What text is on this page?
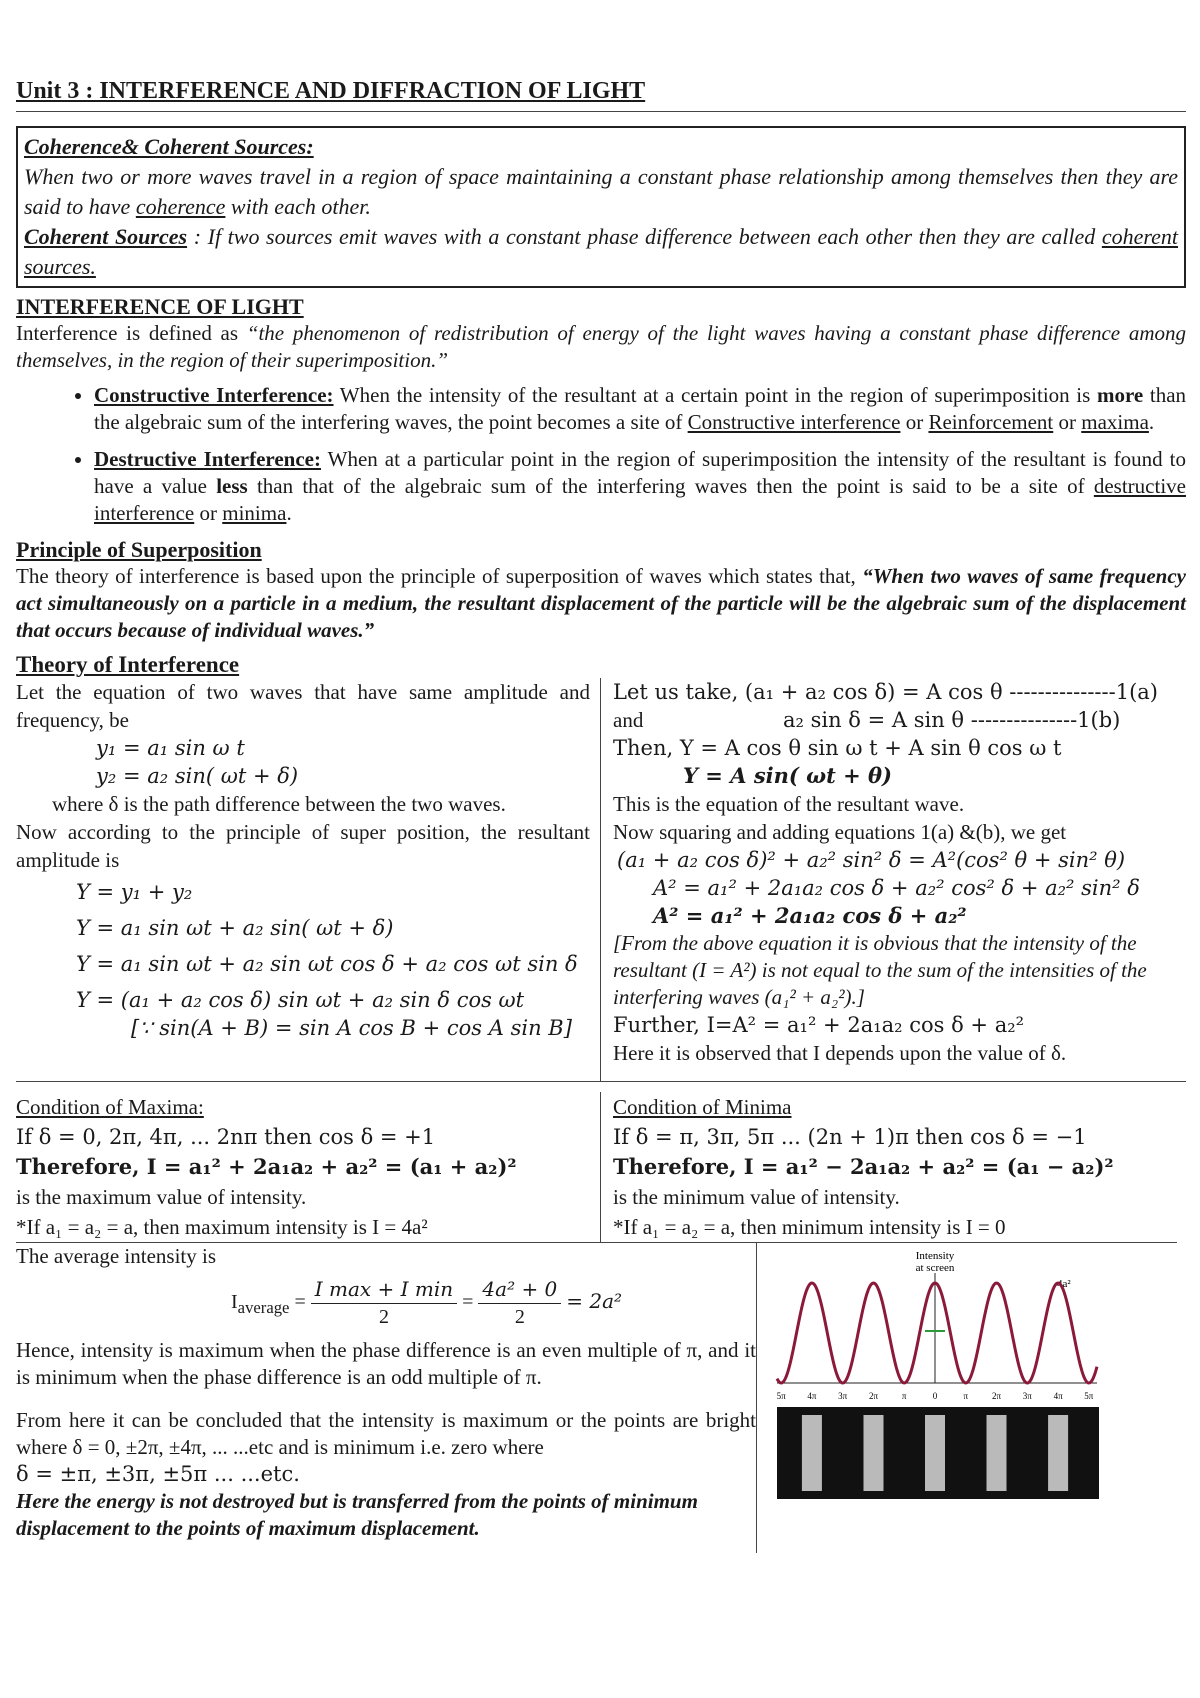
Unit 3 : INTERFERENCE AND DIFFRACTION OF LIGHT
Coherence& Coherent Sources:
When two or more waves travel in a region of space maintaining a constant phase relationship among themselves then they are said to have coherence with each other.
Coherent Sources : If two sources emit waves with a constant phase difference between each other then they are called coherent sources.
INTERFERENCE OF LIGHT

Interference is defined as “the phenomenon of redistribution of energy of the light waves having a constant phase difference among themselves, in the region of their superimposition.”

• Constructive Interference: When the intensity of the resultant at a certain point in the region of superimposition is more than the algebraic sum of the interfering waves, the point becomes a site of Constructive interference or Reinforcement or maxima.
• Destructive Interference: When at a particular point in the region of superimposition the intensity of the resultant is found to have a value less than that of the algebraic sum of the interfering waves then the point is said to be a site of destructive interference or minima.
Principle of Superposition

The theory of interference is based upon the principle of superposition of waves which states that, “When two waves of same frequency act simultaneously on a particle in a medium, the resultant displacement of the particle will be the algebraic sum of the displacement that occurs because of individual waves.”

Theory of Interference
Let the equation of two waves that have same amplitude and frequency, be
y₁ = a₁ sin ω t
y₂ = a₂ sin( ωt + δ)
where δ is the path difference between the two waves.
Now according to the principle of super position, the resultant amplitude is
Y = y₁ + y₂
Y = a₁ sin ωt + a₂ sin( ωt + δ)
Y = a₁ sin ωt + a₂ sin ωt cos δ + a₂ cos ωt sin δ
Y = (a₁ + a₂ cos δ) sin ωt + a₂ sin δ cos ωt
[∵ sin(A + B) = sin A cos B + cos A sin B]
Let us take, (a₁ + a₂ cos δ) = A cos θ ---------------1(a)
and	a₂ sin δ = A sin θ ---------------1(b)
Then, Y = A cos θ sin ω t + A sin θ cos ω t
Y = A sin( ωt + θ)
This is the equation of the resultant wave.
Now squaring and adding equations 1(a) &(b), we get
(a₁ + a₂ cos δ)² + a₂² sin² δ = A²(cos² θ + sin² θ)
A² = a₁² + 2a₁a₂ cos δ + a₂² cos² δ + a₂² sin² δ
A² = a₁² + 2a₁a₂ cos δ + a₂²
[From the above equation it is obvious that the intensity of the resultant (I = A²) is not equal to the sum of the intensities of the interfering waves (a₁² + a₂²).]
Further, I=A² = a₁² + 2a₁a₂ cos δ + a₂²
Here it is observed that I depends upon the value of δ.
Condition of Maxima:
If δ = 0, 2π, 4π, ... 2nπ then cos δ = +1
Therefore, I = a₁² + 2a₁a₂ + a₂² = (a₁ + a₂)²
is the maximum value of intensity.
*If a₁ = a₂ = a, then maximum intensity is I = 4a²
Condition of Minima
If δ = π, 3π, 5π ... (2n + 1)π then cos δ = −1
Therefore, I = a₁² − 2a₁a₂ + a₂² = (a₁ − a₂)²
is the minimum value of intensity.
*If a₁ = a₂ = a, then minimum intensity is I = 0
The average intensity is
$I_{average} = \frac{\text{I max + I min}}{2} = \frac{\text{4a² + 0}}{2} = 2a^2$

Hence, intensity is maximum when the phase difference is an even multiple of π, and it is minimum when the phase difference is an odd multiple of π.

From here it can be concluded that the intensity is maximum or the points are bright where δ = 0, ±2π, ±4π, ... ...etc and is minimum i.e. zero where

δ = ±π, ±3π, ±5π ... ...etc.

Here the energy is not destroyed but is transferred from the points of minimum displacement to the points of maximum displacement.

Intensity
at screen
4a²
5π 4π 3π 2π	π	0	π	2π 3π 4π 5π
